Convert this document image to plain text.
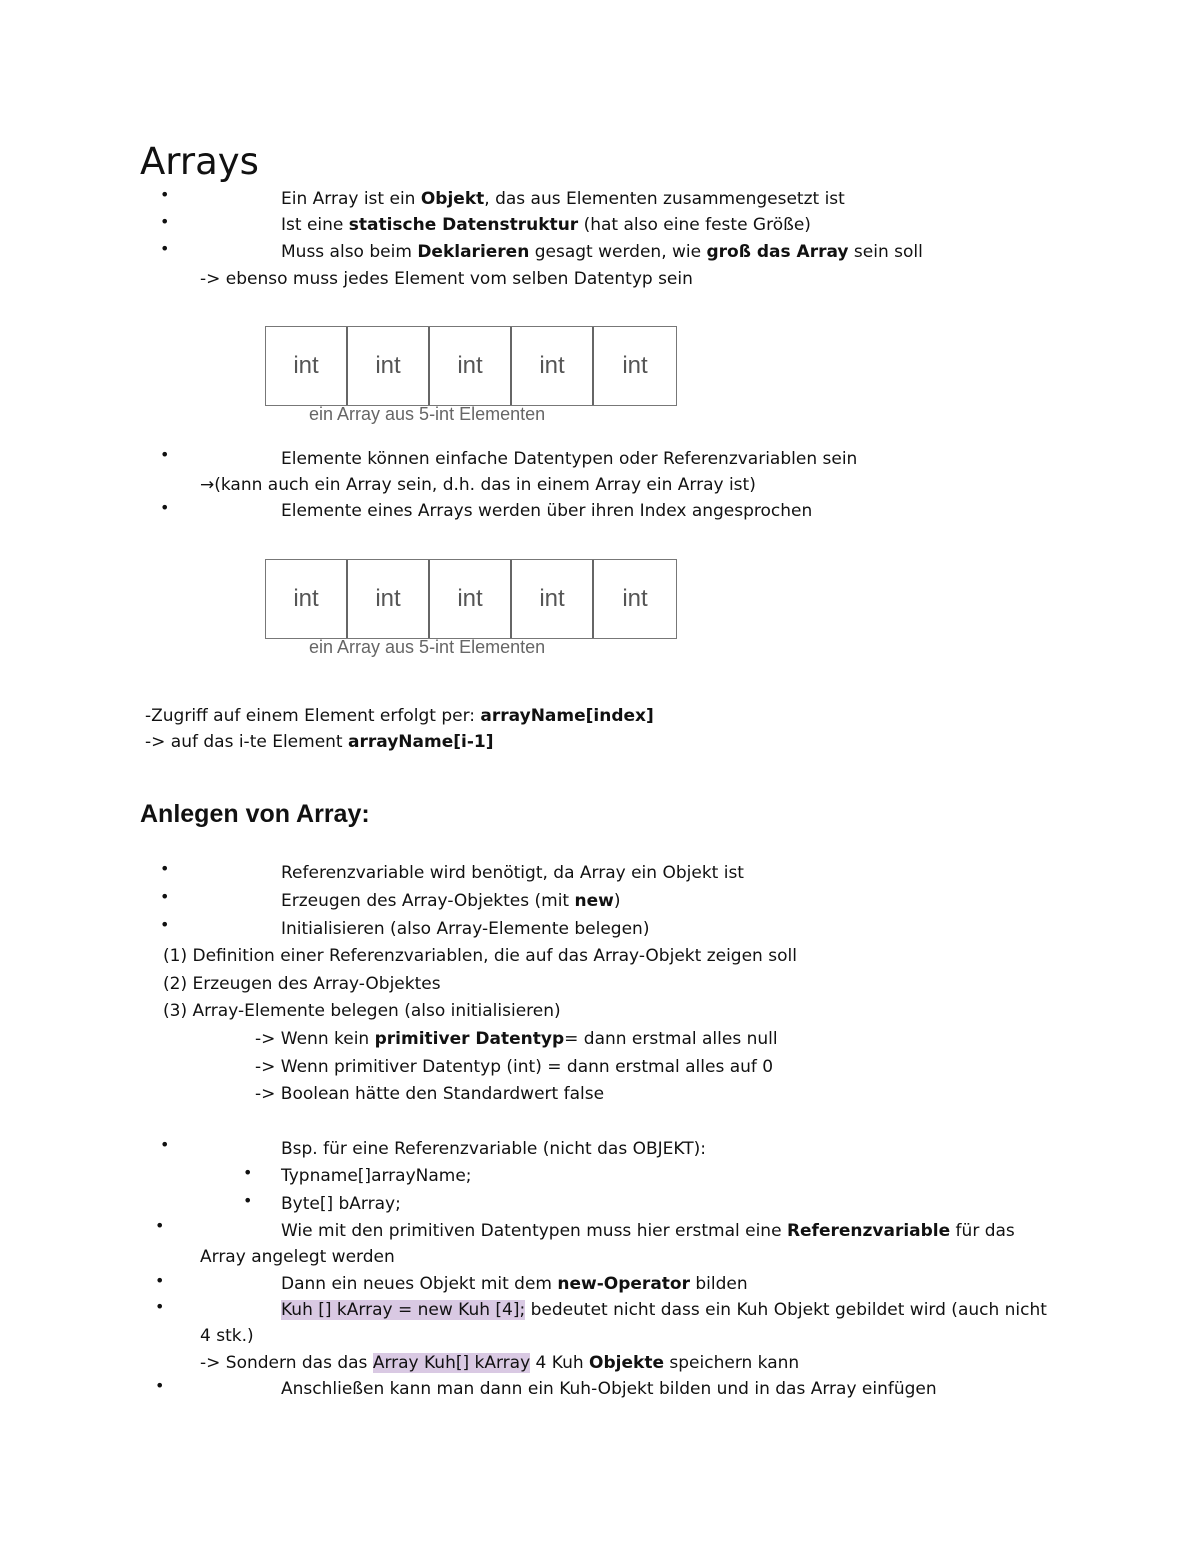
Arrays
•	Ein Array ist ein Objekt, das aus Elementen zusammengesetzt ist
•	Ist eine statische Datenstruktur (hat also eine feste Größe)
•	Muss also beim Deklarieren gesagt werden, wie groß das Array sein soll
-> ebenso muss jedes Element vom selben Datentyp sein
int	int	int	int	int
ein Array aus 5-int Elementen
•	Elemente können einfache Datentypen oder Referenzvariablen sein
→(kann auch ein Array sein, d.h. das in einem Array ein Array ist)
•	Elemente eines Arrays werden über ihren Index angesprochen
int	int	int	int	int
ein Array aus 5-int Elementen
-Zugriff auf einem Element erfolgt per: arrayName[index]
-> auf das i-te Element arrayName[i-1]
Anlegen von Array:
•	Referenzvariable wird benötigt, da Array ein Objekt ist
•	Erzeugen des Array-Objektes (mit new)
•	Initialisieren (also Array-Elemente belegen)
(1) Definition einer Referenzvariablen, die auf das Array-Objekt zeigen soll
(2) Erzeugen des Array-Objektes
(3) Array-Elemente belegen (also initialisieren)
-> Wenn kein primitiver Datentyp= dann erstmal alles null
-> Wenn primitiver Datentyp (int) = dann erstmal alles auf 0
-> Boolean hätte den Standardwert false
•	Bsp. für eine Referenzvariable (nicht das OBJEKT):
• Typname[]arrayName;
• Byte[] bArray;
•	Wie mit den primitiven Datentypen muss hier erstmal eine Referenzvariable für das
Array angelegt werden
•	Dann ein neues Objekt mit dem new-Operator bilden
•	Kuh [] kArray = new Kuh [4]; bedeutet nicht dass ein Kuh Objekt gebildet wird (auch nicht
4 stk.)
-> Sondern das das Array Kuh[] kArray 4 Kuh Objekte speichern kann
•	Anschließen kann man dann ein Kuh-Objekt bilden und in das Array einfügen
